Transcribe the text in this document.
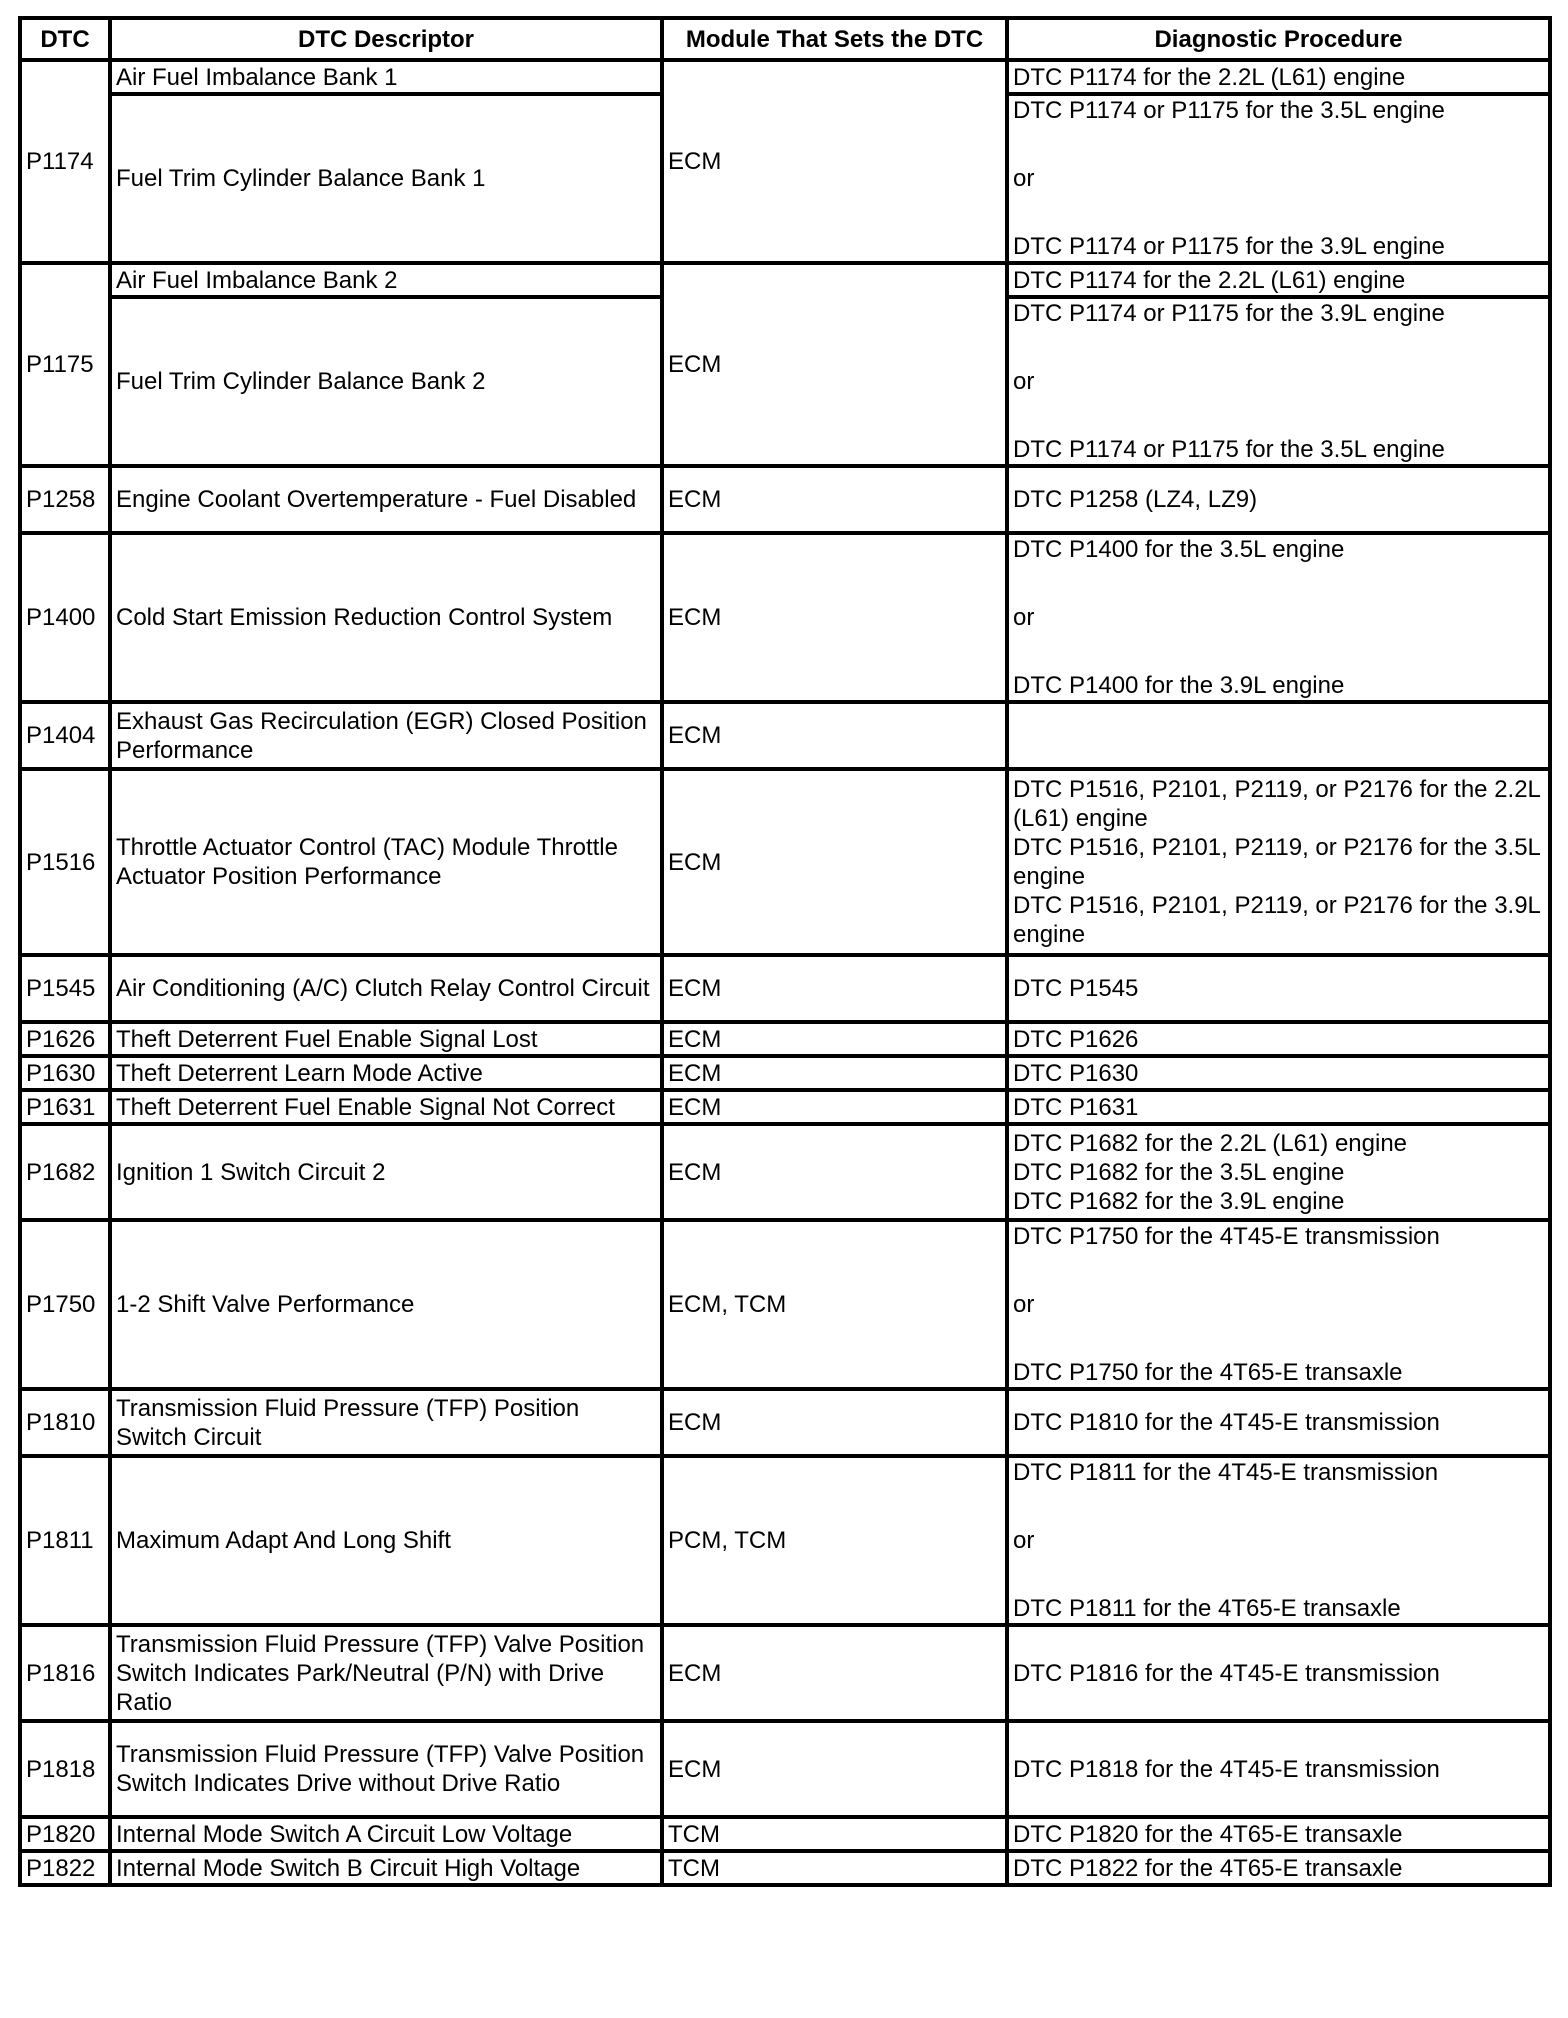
DTC	DTC Descriptor	Module That Sets the DTC	Diagnostic Procedure
P1174	Air Fuel Imbalance Bank 1	ECM	DTC P1174 for the 2.2L (L61) engine

	Fuel Trim Cylinder Balance Bank 1		DTC P1174 or P1175 for the 3.5L engine
or
DTC P1174 or P1175 for the 3.9L engine

P1175	Air Fuel Imbalance Bank 2	ECM	DTC P1174 for the 2.2L (L61) engine

	Fuel Trim Cylinder Balance Bank 2		DTC P1174 or P1175 for the 3.9L engine
or
DTC P1174 or P1175 for the 3.5L engine

P1258	Engine Coolant Overtemperature - Fuel Disabled	ECM	DTC P1258 (LZ4, LZ9)

P1400	Cold Start Emission Reduction Control System	ECM	DTC P1400 for the 3.5L engine
or
DTC P1400 for the 3.9L engine

P1404	Exhaust Gas Recirculation (EGR) Closed Position Performance	ECM	
P1516	Throttle Actuator Control (TAC) Module Throttle Actuator Position Performance	ECM	DTC P1516, P2101, P2119, or P2176 for the 2.2L (L61) engine
DTC P1516, P2101, P2119, or P2176 for the 3.5L engine
DTC P1516, P2101, P2119, or P2176 for the 3.9L engine

P1545	Air Conditioning (A/C) Clutch Relay Control Circuit	ECM	DTC P1545

P1626	Theft Deterrent Fuel Enable Signal Lost	ECM	DTC P1626

P1630	Theft Deterrent Learn Mode Active	ECM	DTC P1630

P1631	Theft Deterrent Fuel Enable Signal Not Correct	ECM	DTC P1631

P1682	Ignition 1 Switch Circuit 2	ECM	DTC P1682 for the 2.2L (L61) engine
DTC P1682 for the 3.5L engine
DTC P1682 for the 3.9L engine

P1750	1-2 Shift Valve Performance	ECM, TCM	DTC P1750 for the 4T45-E transmission
or
DTC P1750 for the 4T65-E transaxle

P1810	Transmission Fluid Pressure (TFP) Position Switch Circuit	ECM	DTC P1810 for the 4T45-E transmission

P1811	Maximum Adapt And Long Shift	PCM, TCM	DTC P1811 for the 4T45-E transmission
or
DTC P1811 for the 4T65-E transaxle

P1816	Transmission Fluid Pressure (TFP) Valve Position Switch Indicates Park/Neutral (P/N) with Drive Ratio	ECM	DTC P1816 for the 4T45-E transmission

P1818	Transmission Fluid Pressure (TFP) Valve Position Switch Indicates Drive without Drive Ratio	ECM	DTC P1818 for the 4T45-E transmission

P1820	Internal Mode Switch A Circuit Low Voltage	TCM	DTC P1820 for the 4T65-E transaxle

P1822	Internal Mode Switch B Circuit High Voltage	TCM	DTC P1822 for the 4T65-E transaxle
